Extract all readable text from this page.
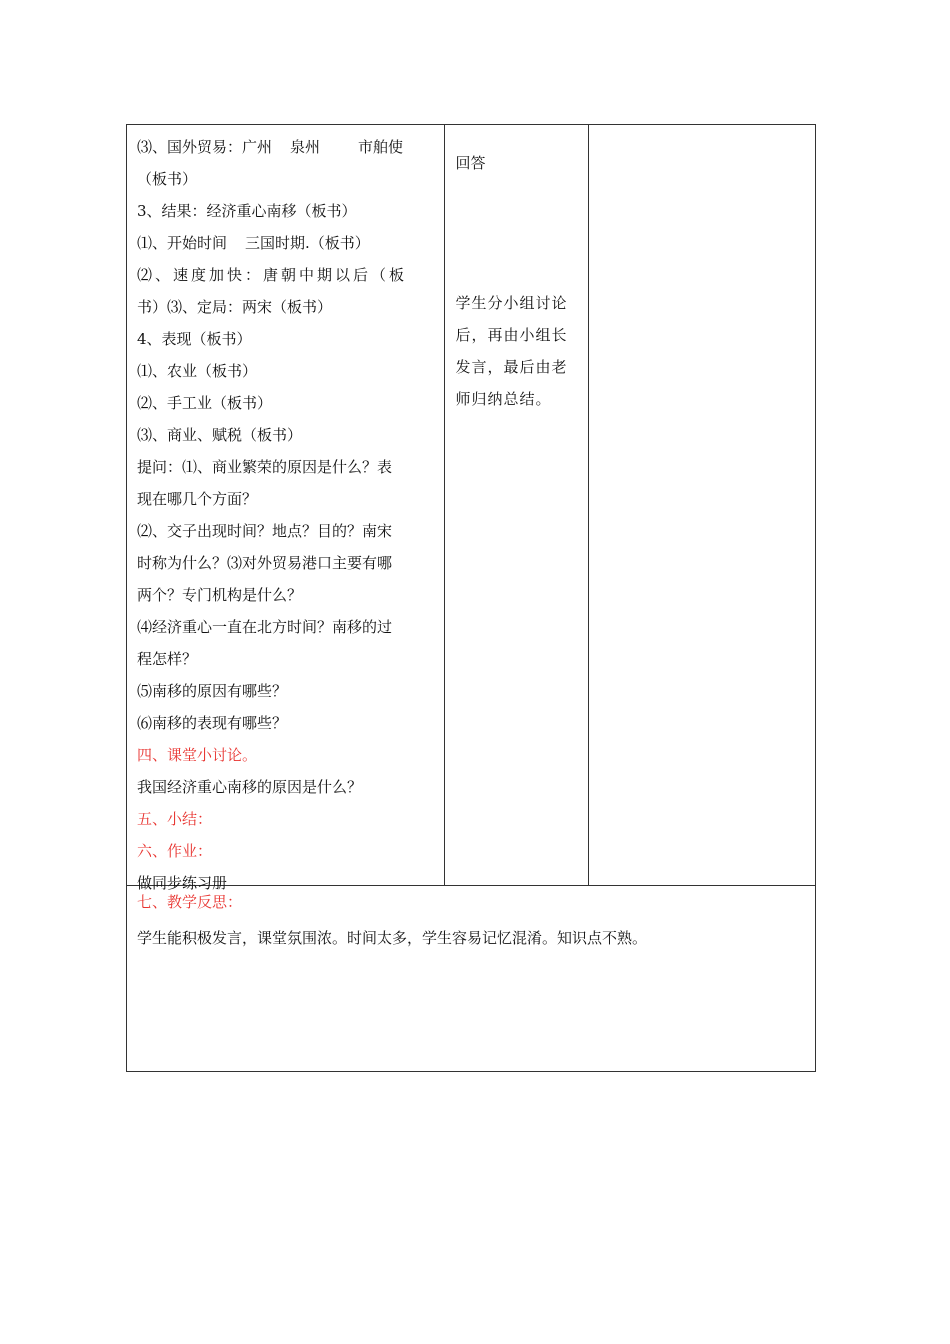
⑶、国外贸易：广州 泉州	市舶使
（板书）
3、结果：经济重心南移（板书）
⑴、开始时间 三国时期.（板书）
⑵、速度加快：唐朝中期以后（板
书）⑶、定局：两宋（板书）
4、表现（板书）
⑴、农业（板书）
⑵、手工业（板书）
⑶、商业、赋税（板书）
提问：⑴、商业繁荣的原因是什么？表
现在哪几个方面？
⑵、交子出现时间？地点？目的？南宋
时称为什么？⑶对外贸易港口主要有哪
两个？专门机构是什么？
⑷经济重心一直在北方时间？南移的过
程怎样？
⑸南移的原因有哪些？
⑹南移的表现有哪些？
四、课堂小讨论。
我国经济重心南移的原因是什么？
五、小结：
六、作业：
做同步练习册

回答
学生分小组讨论后，再由小组长发言，最后由老师归纳总结。

七、教学反思：
学生能积极发言，课堂氛围浓。时间太多，学生容易记忆混淆。知识点不熟。
